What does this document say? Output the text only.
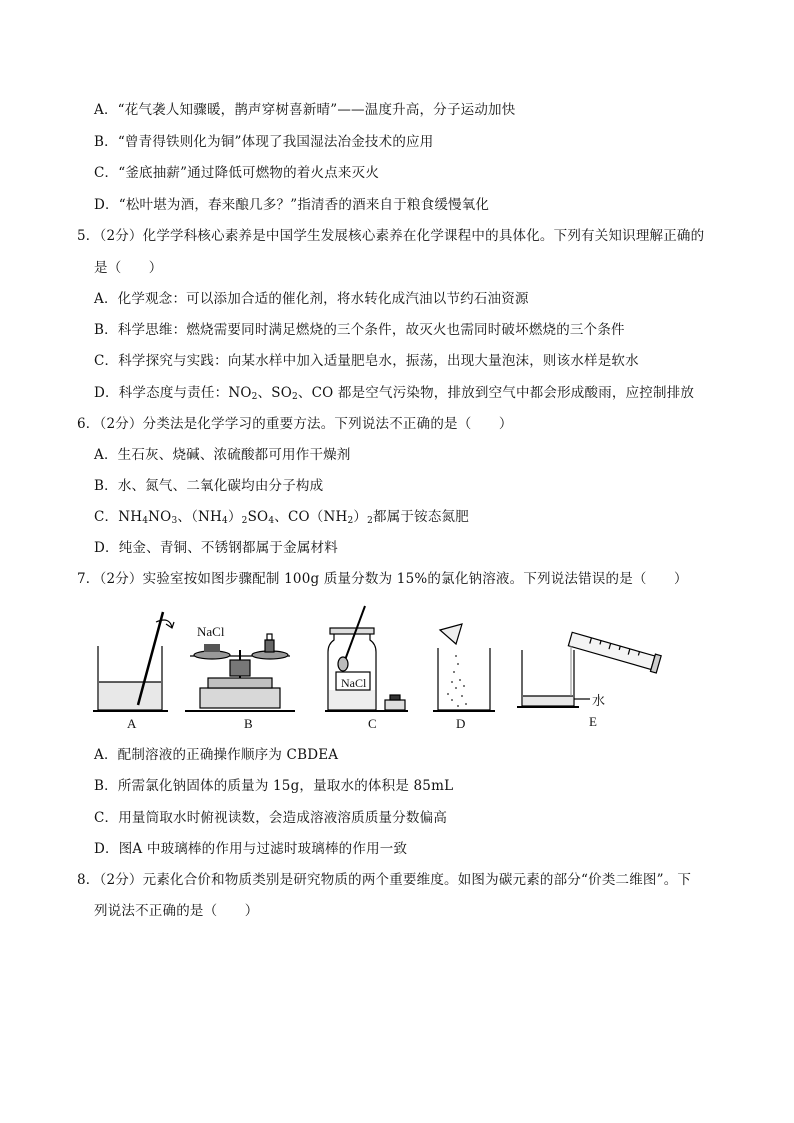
A．“花气袭人知骤暖，鹊声穿树喜新晴”——温度升高，分子运动加快
B．“曾青得铁则化为铜”体现了我国湿法冶金技术的应用
C．“釜底抽薪”通过降低可燃物的着火点来灭火
D．“松叶堪为酒，春来酿几多？”指清香的酒来自于粮食缓慢氧化
5．（2分）化学学科核心素养是中国学生发展核心素养在化学课程中的具体化。下列有关知识理解正确的
是（　　）
A．化学观念：可以添加合适的催化剂，将水转化成汽油以节约石油资源
B．科学思维：燃烧需要同时满足燃烧的三个条件，故灭火也需同时破坏燃烧的三个条件
C．科学探究与实践：向某水样中加入适量肥皂水，振荡，出现大量泡沫，则该水样是软水
D．科学态度与责任：$NO_2$、$SO_2$、CO 都是空气污染物，排放到空气中都会形成酸雨，应控制排放
6．（2分）分类法是化学学习的重要方法。下列说法不正确的是（　　）
A．生石灰、烧碱、浓硫酸都可用作干燥剂
B．水、氮气、二氧化碳均由分子构成
C．$NH_4NO_3$、$(NH_4)_2SO_4$、$CO(NH_2)_2$都属于铵态氮肥
D．纯金、青铜、不锈钢都属于金属材料
7．（2分）实验室按如图步骤配制 100g 质量分数为 15%的氯化钠溶液。下列说法错误的是（　　）
NaCl
NaCl
水
A	B	C	D	E
A．配制溶液的正确操作顺序为 CBDEA
B．所需氯化钠固体的质量为 15g，量取水的体积是 85mL
C．用量筒取水时俯视读数，会造成溶液溶质质量分数偏高
D．图A 中玻璃棒的作用与过滤时玻璃棒的作用一致
8．（2分）元素化合价和物质类别是研究物质的两个重要维度。如图为碳元素的部分“价类二维图”。下
列说法不正确的是（　　）
